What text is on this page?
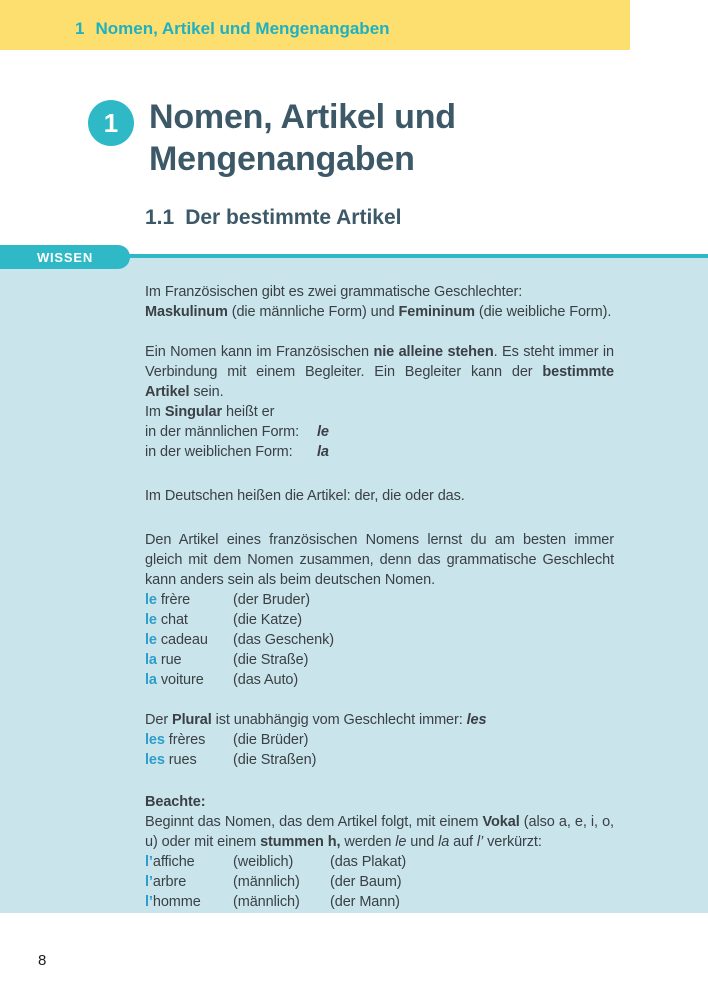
1 Nomen, Artikel und Mengenangaben
1 Nomen, Artikel und
Mengenangaben
1.1 Der bestimmte Artikel
WISSEN

Im Französischen gibt es zwei grammatische Geschlechter:
Maskulinum (die männliche Form) und Femininum (die weibliche Form).

Ein Nomen kann im Französischen nie alleine stehen. Es steht immer in Verbindung mit einem Begleiter. Ein Begleiter kann der bestimmte Artikel sein.
Im Singular heißt er

in der männlichen Form:	le
in der weiblichen Form:	la

Im Deutschen heißen die Artikel: der, die oder das.

Den Artikel eines französischen Nomens lernst du am besten immer gleich mit dem Nomen zusammen, denn das grammatische Geschlecht kann anders sein als beim deutschen Nomen.

le frère	(der Bruder)
le chat	(die Katze)
le cadeau	(das Geschenk)
la rue	(die Straße)
la voiture	(das Auto)

Der Plural ist unabhängig vom Geschlecht immer: les

les frères	(die Brüder)
les rues	(die Straßen)

Beachte:

Beginnt das Nomen, das dem Artikel folgt, mit einem Vokal (also a, e, i, o, u) oder mit einem stummen h, werden le und la auf l’ verkürzt:

l’affiche	(weiblich)	(das Plakat)
l’arbre	(männlich)	(der Baum)
l’homme	(männlich)	(der Mann)
8
